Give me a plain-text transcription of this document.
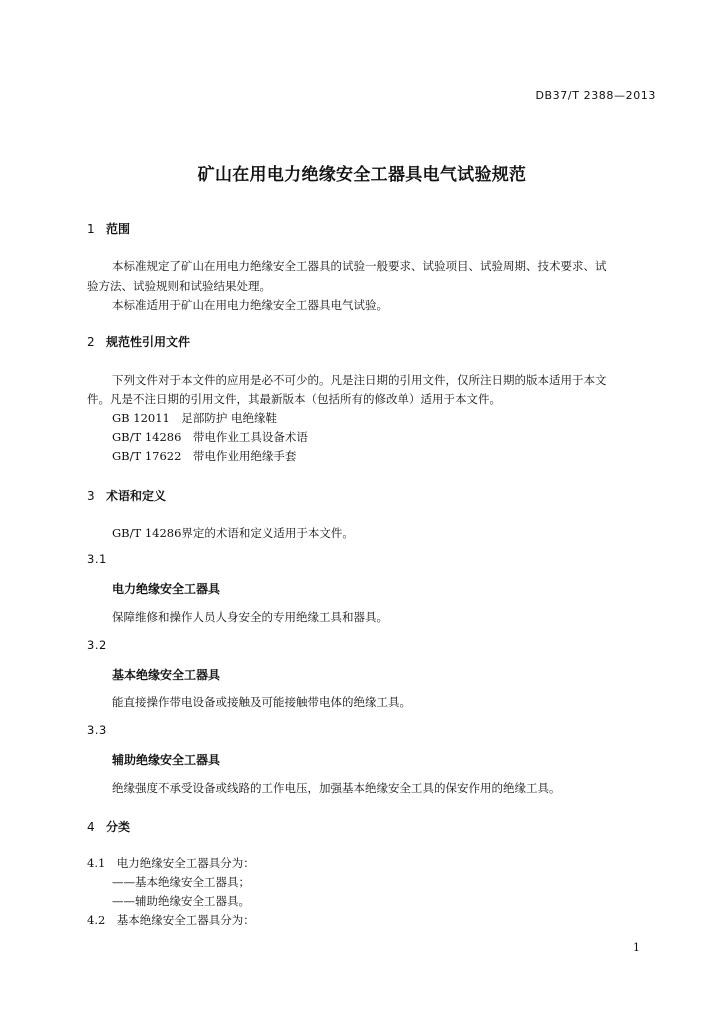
DB37/T 2388—2013
矿山在用电力绝缘安全工器具电气试验规范
1 范围
本标准规定了矿山在用电力绝缘安全工器具的试验一般要求、试验项目、试验周期、技术要求、试
验方法、试验规则和试验结果处理。
本标准适用于矿山在用电力绝缘安全工器具电气试验。
2 规范性引用文件
下列文件对于本文件的应用是必不可少的。凡是注日期的引用文件，仅所注日期的版本适用于本文
件。凡是不注日期的引用文件，其最新版本（包括所有的修改单）适用于本文件。
GB 12011　足部防护 电绝缘鞋
GB/T 14286　带电作业工具设备术语
GB/T 17622　带电作业用绝缘手套
3 术语和定义
GB/T 14286界定的术语和定义适用于本文件。
3.1
电力绝缘安全工器具
保障维修和操作人员人身安全的专用绝缘工具和器具。
3.2
基本绝缘安全工器具
能直接操作带电设备或接触及可能接触带电体的绝缘工具。
3.3
辅助绝缘安全工器具
绝缘强度不承受设备或线路的工作电压，加强基本绝缘安全工具的保安作用的绝缘工具。
4 分类
4.1　电力绝缘安全工器具分为：
——基本绝缘安全工器具；
——辅助绝缘安全工器具。
4.2　基本绝缘安全工器具分为：
1
